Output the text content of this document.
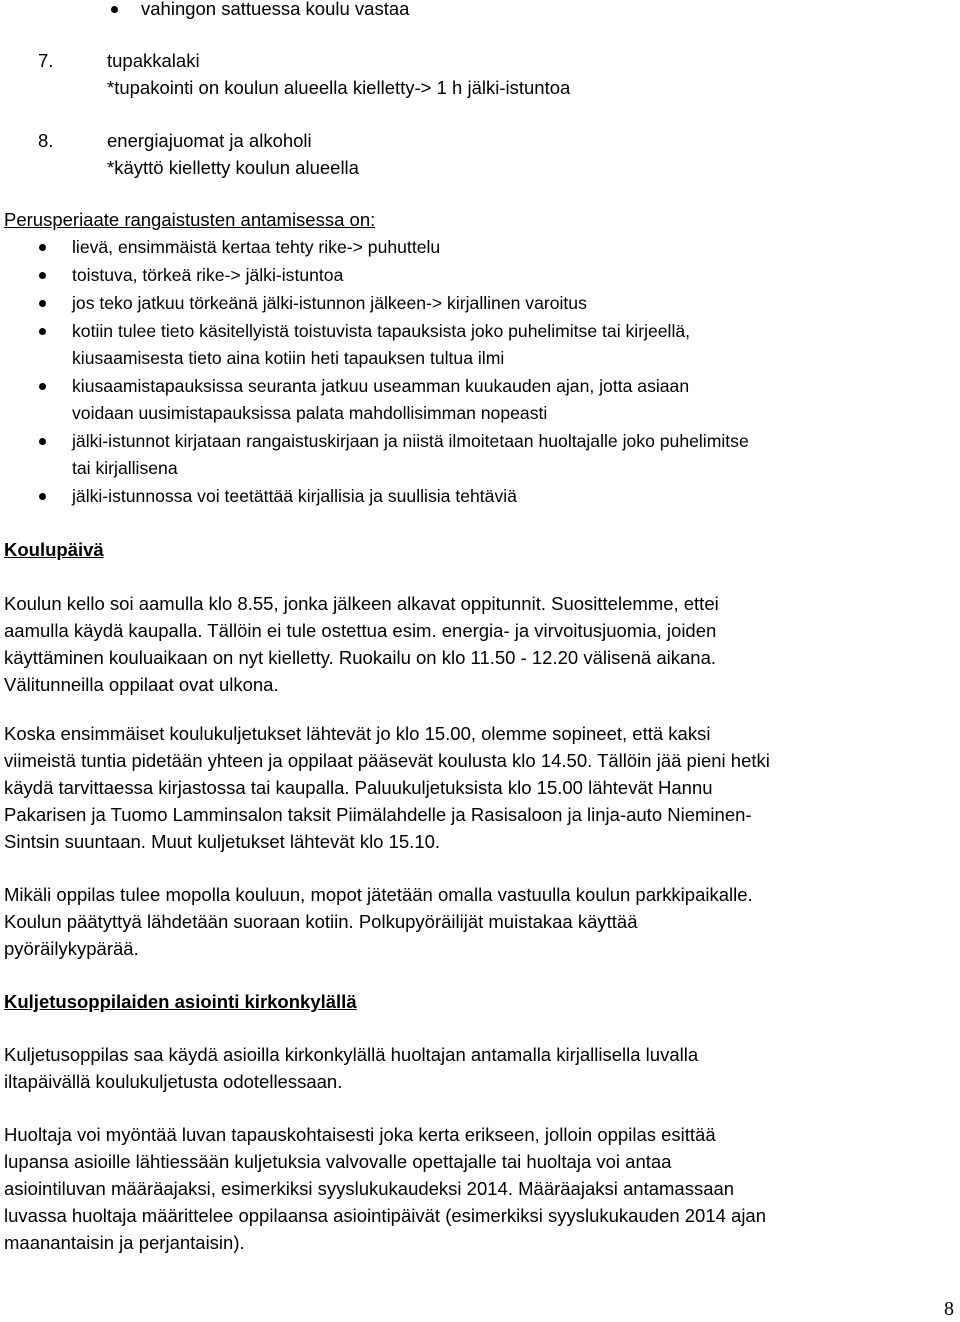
vahingon sattuessa koulu vastaa
7.	tupakkalaki
*tupakointi on koulun alueella kielletty-> 1 h jälki-istuntoa
8.	energiajuomat ja alkoholi
*käyttö kielletty koulun alueella
Perusperiaate rangaistusten antamisessa on:
lievä, ensimmäistä kertaa tehty rike-> puhuttelu
toistuva, törkeä rike-> jälki-istuntoa
jos teko jatkuu törkeänä jälki-istunnon jälkeen-> kirjallinen varoitus
kotiin tulee tieto käsitellyistä toistuvista tapauksista joko puhelimitse tai kirjeellä,
kiusaamisesta tieto aina kotiin heti tapauksen tultua ilmi
kiusaamistapauksissa seuranta jatkuu useamman kuukauden ajan, jotta asiaan
voidaan uusimistapauksissa palata mahdollisimman nopeasti
jälki-istunnot kirjataan rangaistuskirjaan ja niistä ilmoitetaan huoltajalle joko puhelimitse
tai kirjallisena
jälki-istunnossa voi teetättää kirjallisia ja suullisia tehtäviä
Koulupäivä
Koulun kello soi aamulla klo 8.55, jonka jälkeen alkavat oppitunnit. Suosittelemme, ettei
aamulla käydä kaupalla. Tällöin ei tule ostettua esim. energia- ja virvoitusjuomia, joiden
käyttäminen kouluaikaan on nyt kielletty. Ruokailu on klo 11.50 - 12.20 välisenä aikana.
Välitunneilla oppilaat ovat ulkona.
Koska ensimmäiset koulukuljetukset lähtevät jo klo 15.00, olemme sopineet, että kaksi
viimeistä tuntia pidetään yhteen ja oppilaat pääsevät koulusta klo 14.50. Tällöin jää pieni hetki
käydä tarvittaessa kirjastossa tai kaupalla. Paluukuljetuksista klo 15.00 lähtevät Hannu
Pakarisen ja Tuomo Lamminsalon taksit Piimälahdelle ja Rasisaloon ja linja-auto Nieminen-
Sintsin suuntaan. Muut kuljetukset lähtevät klo 15.10.
Mikäli oppilas tulee mopolla kouluun, mopot jätetään omalla vastuulla koulun parkkipaikalle.
Koulun päätyttyä lähdetään suoraan kotiin. Polkupyöräilijät muistakaa käyttää
pyöräilykypärää.
Kuljetusoppilaiden asiointi kirkonkylällä
Kuljetusoppilas saa käydä asioilla kirkonkylällä huoltajan antamalla kirjallisella luvalla
iltapäivällä koulukuljetusta odotellessaan.
Huoltaja voi myöntää luvan tapauskohtaisesti joka kerta erikseen, jolloin oppilas esittää
lupansa asioille lähtiessään kuljetuksia valvovalle opettajalle tai huoltaja voi antaa
asiointiluvan määräajaksi, esimerkiksi syyslukukaudeksi 2014. Määräajaksi antamassaan
luvassa huoltaja määrittelee oppilaansa asiointipäivät (esimerkiksi syyslukukauden 2014 ajan
maanantaisin ja perjantaisin).
8
